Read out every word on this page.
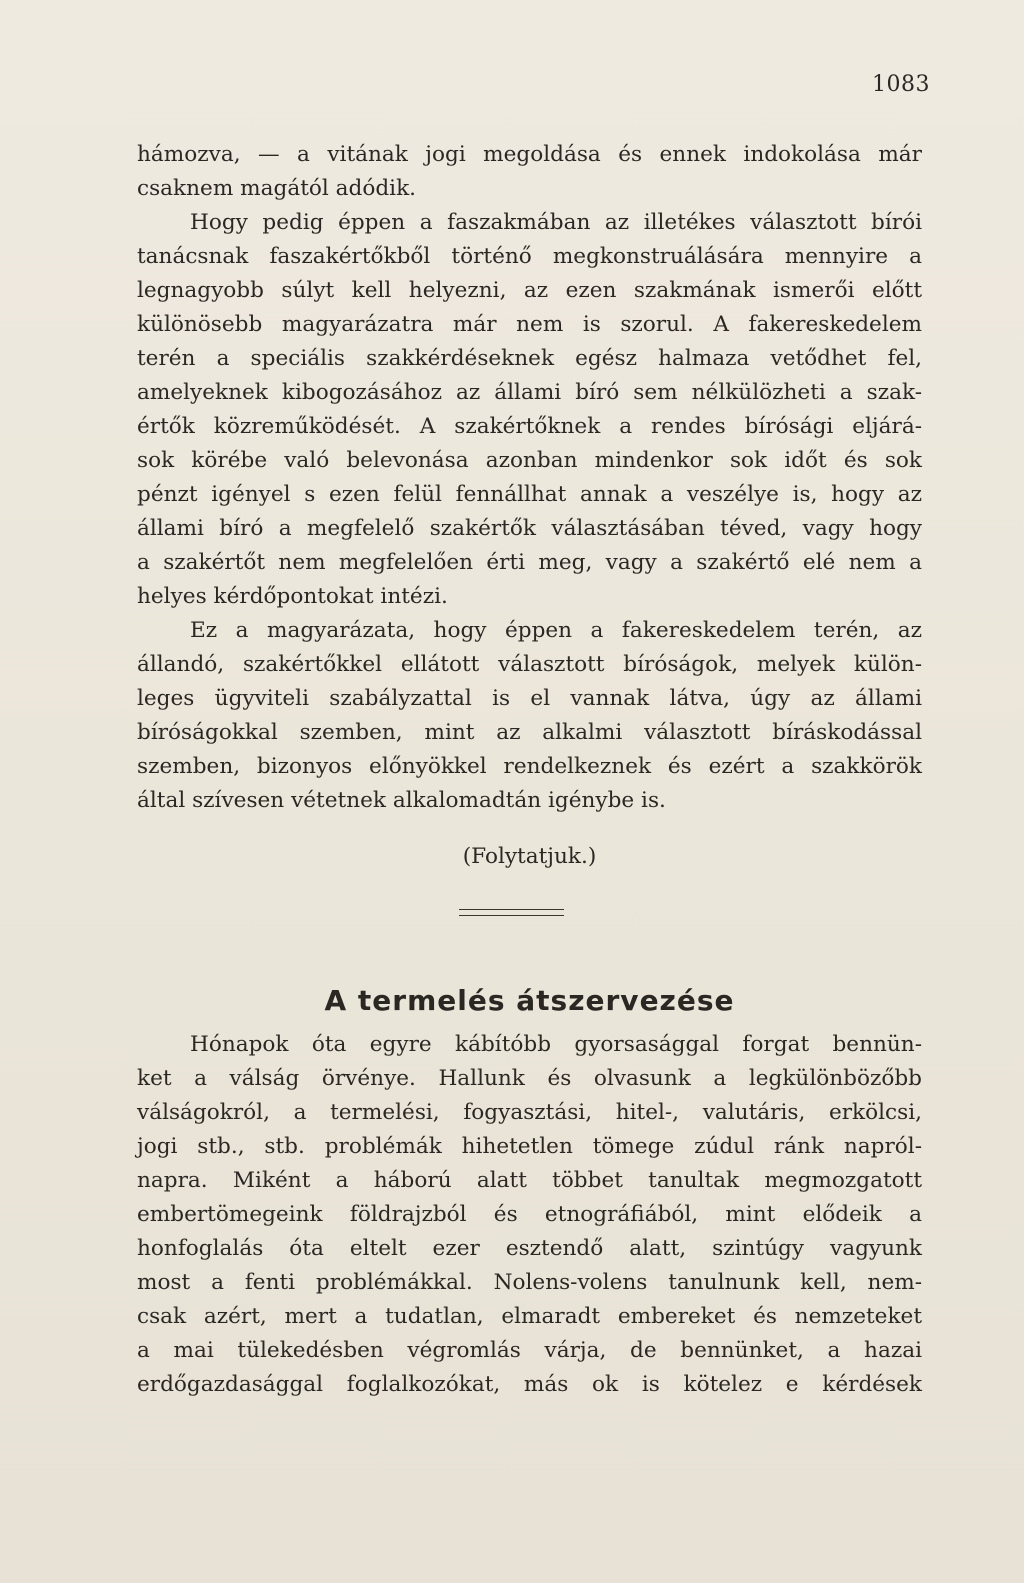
1083
hámozva, — a vitának jogi megoldása és ennek indokolása már
csaknem magától adódik.
Hogy pedig éppen a faszakmában az illetékes választott bírói
tanácsnak faszakértőkből történő megkonstruálására mennyire a
legnagyobb súlyt kell helyezni, az ezen szakmának ismerői előtt
különösebb magyarázatra már nem is szorul. A fakereskedelem
terén a speciális szakkérdéseknek egész halmaza vetődhet fel,
amelyeknek kibogozásához az állami bíró sem nélkülözheti a szak-
értők közreműködését. A szakértőknek a rendes bírósági eljárá-
sok körébe való belevonása azonban mindenkor sok időt és sok
pénzt igényel s ezen felül fennállhat annak a veszélye is, hogy az
állami bíró a megfelelő szakértők választásában téved, vagy hogy
a szakértőt nem megfelelően érti meg, vagy a szakértő elé nem a
helyes kérdőpontokat intézi.
Ez a magyarázata, hogy éppen a fakereskedelem terén, az
állandó, szakértőkkel ellátott választott bíróságok, melyek külön-
leges ügyviteli szabályzattal is el vannak látva, úgy az állami
bíróságokkal szemben, mint az alkalmi választott bíráskodással
szemben, bizonyos előnyökkel rendelkeznek és ezért a szakkörök
által szívesen vétetnek alkalomadtán igénybe is.
(Folytatjuk.)
A termelés átszervezése
Hónapok óta egyre kábítóbb gyorsasággal forgat bennün-
ket a válság örvénye. Hallunk és olvasunk a legkülönbözőbb
válságokról, a termelési, fogyasztási, hitel-, valutáris, erkölcsi,
jogi stb., stb. problémák hihetetlen tömege zúdul ránk napról-
napra. Miként a háború alatt többet tanultak megmozgatott
embertömegeink földrajzból és etnográfiából, mint elődeik a
honfoglalás óta eltelt ezer esztendő alatt, szintúgy vagyunk
most a fenti problémákkal. Nolens-volens tanulnunk kell, nem-
csak azért, mert a tudatlan, elmaradt embereket és nemzeteket
a mai tülekedésben végromlás várja, de bennünket, a hazai
erdőgazdasággal foglalkozókat, más ok is kötelez e kérdések
